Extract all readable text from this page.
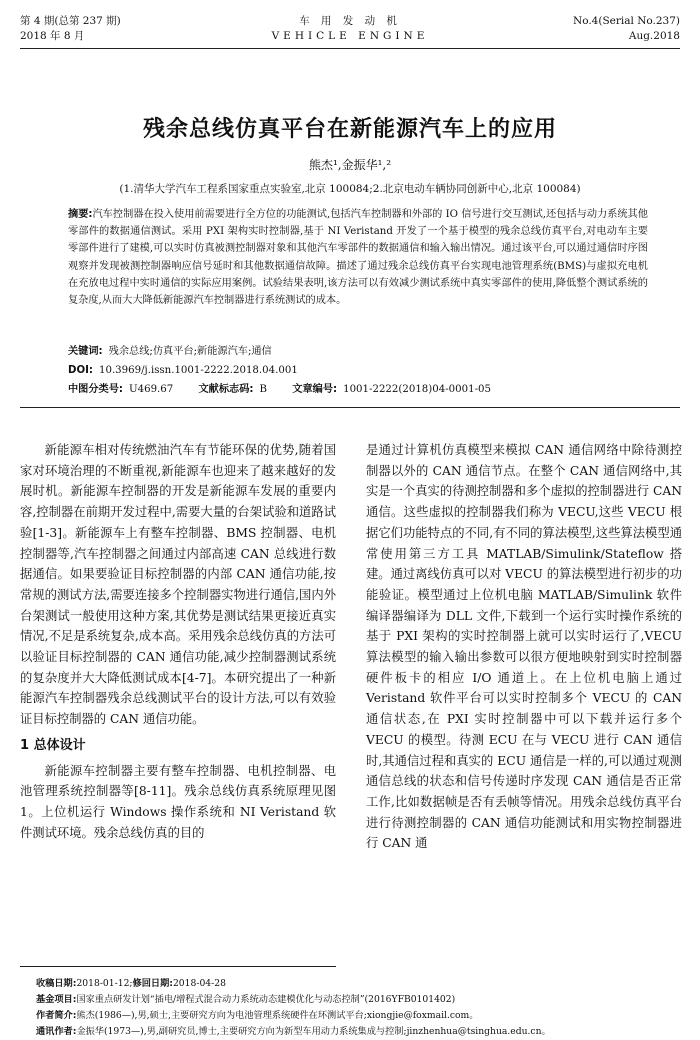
第 4 期(总第 237 期)
2018 年 8 月
车 用 发 动 机
VEHICLE ENGINE
No.4(Serial No.237)
Aug.2018
残余总线仿真平台在新能源汽车上的应用
熊杰¹,金振华¹,²
(1.清华大学汽车工程系国家重点实验室,北京 100084;2.北京电动车辆协同创新中心,北京 100084)
摘要:汽车控制器在投入使用前需要进行全方位的功能测试,包括汽车控制器和外部的 IO 信号进行交互测试,还包括与动力系统其他零部件的数据通信测试。采用 PXI 架构实时控制器,基于 NI Veristand 开发了一个基于模型的残余总线仿真平台,对电动车主要零部件进行了建模,可以实时仿真被测控制器对象和其他汽车零部件的数据通信和输入输出情况。通过该平台,可以通过通信时序图观察并发现被测控制器响应信号延时和其他数据通信故障。描述了通过残余总线仿真平台实现电池管理系统(BMS)与虚拟充电机在充放电过程中实时通信的实际应用案例。试验结果表明,该方法可以有效减少测试系统中真实零部件的使用,降低整个测试系统的复杂度,从而大大降低新能源汽车控制器进行系统测试的成本。
关键词: 残余总线;仿真平台;新能源汽车;通信
DOI: 10.3969/j.issn.1001-2222.2018.04.001
中图分类号: U469.67 文献标志码: B 文章编号: 1001-2222(2018)04-0001-05

新能源车相对传统燃油汽车有节能环保的优势,随着国家对环境治理的不断重视,新能源车也迎来了越来越好的发展时机。新能源车控制器的开发是新能源车发展的重要内容,控制器在前期开发过程中,需要大量的台架试验和道路试验[1-3]。新能源车上有整车控制器、BMS 控制器、电机控制器等,汽车控制器之间通过内部高速 CAN 总线进行数据通信。如果要验证目标控制器的内部 CAN 通信功能,按常规的测试方法,需要连接多个控制器实物进行通信,国内外台架测试一般使用这种方案,其优势是测试结果更接近真实情况,不足是系统复杂,成本高。采用残余总线仿真的方法可以验证目标控制器的 CAN 通信功能,减少控制器测试系统的复杂度并大大降低测试成本[4-7]。本研究提出了一种新能源汽车控制器残余总线测试平台的设计方法,可以有效验证目标控制器的 CAN 通信功能。

1 总体设计

新能源车控制器主要有整车控制器、电机控制器、电池管理系统控制器等[8-11]。残余总线仿真系统原理见图 1。上位机运行 Windows 操作系统和 NI Veristand 软件测试环境。残余总线仿真的目的

是通过计算机仿真模型来模拟 CAN 通信网络中除待测控制器以外的 CAN 通信节点。在整个 CAN 通信网络中,其实是一个真实的待测控制器和多个虚拟的控制器进行 CAN 通信。这些虚拟的控制器我们称为 VECU,这些 VECU 根据它们功能特点的不同,有不同的算法模型,这些算法模型通常使用第三方工具 MATLAB/Simulink/Stateflow 搭建。通过离线仿真可以对 VECU 的算法模型进行初步的功能验证。模型通过上位机电脑 MATLAB/Simulink 软件编译器编译为 DLL 文件,下载到一个运行实时操作系统的基于 PXI 架构的实时控制器上就可以实时运行了,VECU 算法模型的输入输出参数可以很方便地映射到实时控制器硬件板卡的相应 I/O 通道上。在上位机电脑上通过 Veristand 软件平台可以实时控制多个 VECU 的 CAN 通信状态,在 PXI 实时控制器中可以下载并运行多个 VECU 的模型。待测 ECU 在与 VECU 进行 CAN 通信时,其通信过程和真实的 ECU 通信是一样的,可以通过观测通信总线的状态和信号传递时序发现 CAN 通信是否正常工作,比如数据帧是否有丢帧等情况。用残余总线仿真平台进行待测控制器的 CAN 通信功能测试和用实物控制器进行 CAN 通

收稿日期:2018-01-12;修回日期:2018-04-28
基金项目:国家重点研发计划“插电/增程式混合动力系统动态建模优化与动态控制”(2016YFB0101402)
作者简介:熊杰(1986—),男,硕士,主要研究方向为电池管理系统硬件在环测试平台;xiongjie@foxmail.com。
通讯作者:金振华(1973—),男,副研究员,博士,主要研究方向为新型车用动力系统集成与控制;jinzhenhua@tsinghua.edu.cn。
